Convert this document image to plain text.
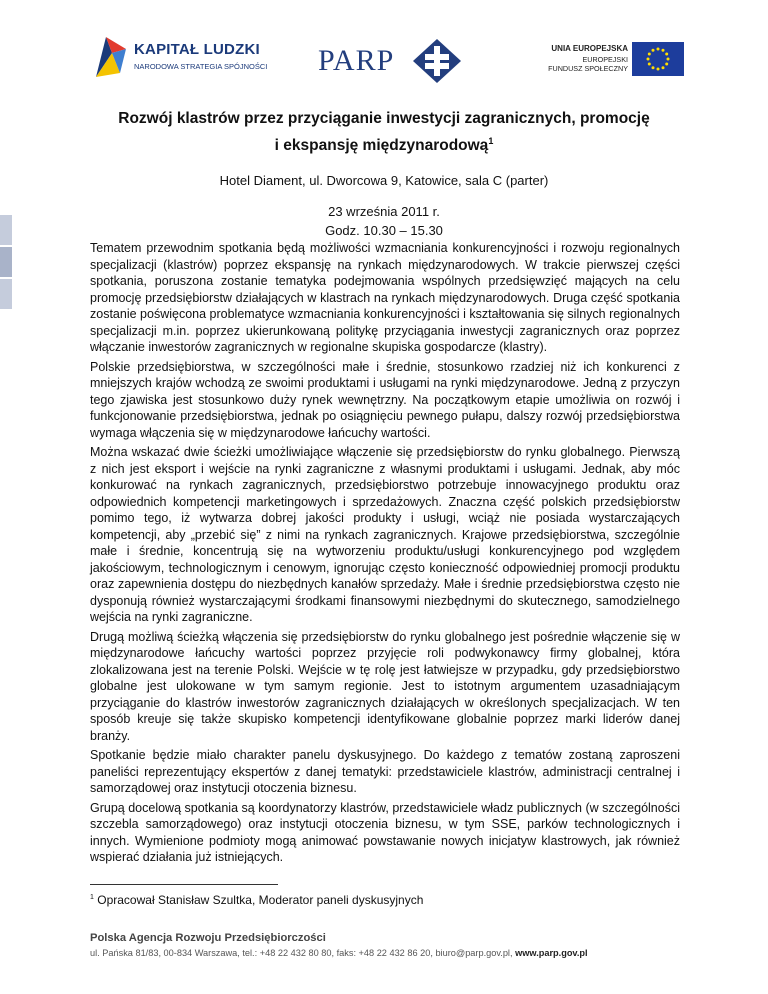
KAPITAŁ LUDZKI
NARODOWA STRATEGIA SPÓJNOŚCI PARP	UNIA EUROPEJSKA
EUROPEJSKI
FUNDUSZ SPOŁECZNY
Rozwój klastrów przez przyciąganie inwestycji zagranicznych, promocję
i ekspansję międzynarodową$^1$
Hotel Diament, ul. Dworcowa 9, Katowice, sala C (parter)
23 września 2011 r.
Godz. 10.30 – 15.30

Tematem przewodnim spotkania będą możliwości wzmacniania konkurencyjności i rozwoju regionalnych specjalizacji (klastrów) poprzez ekspansję na rynkach międzynarodowych. W trakcie pierwszej części spotkania, poruszona zostanie tematyka podejmowania wspólnych przedsięwzięć mających na celu promocję przedsiębiorstw działających w klastrach na rynkach międzynarodowych. Druga część spotkania zostanie poświęcona problematyce wzmacniania konkurencyjności i kształtowania się silnych regionalnych specjalizacji m.in. poprzez ukierunkowaną politykę przyciągania inwestycji zagranicznych oraz poprzez włączanie inwestorów zagranicznych w regionalne skupiska gospodarcze (klastry).

Polskie przedsiębiorstwa, w szczególności małe i średnie, stosunkowo rzadziej niż ich konkurenci z mniejszych krajów wchodzą ze swoimi produktami i usługami na rynki międzynarodowe. Jedną z przyczyn tego zjawiska jest stosunkowo duży rynek wewnętrzny. Na początkowym etapie umożliwia on rozwój i funkcjonowanie przedsiębiorstwa, jednak po osiągnięciu pewnego pułapu, dalszy rozwój przedsiębiorstwa wymaga włączenia się w międzynarodowe łańcuchy wartości.

Można wskazać dwie ścieżki umożliwiające włączenie się przedsiębiorstw do rynku globalnego. Pierwszą z nich jest eksport i wejście na rynki zagraniczne z własnymi produktami i usługami. Jednak, aby móc konkurować na rynkach zagranicznych, przedsiębiorstwo potrzebuje innowacyjnego produktu oraz odpowiednich kompetencji marketingowych i sprzedażowych. Znaczna część polskich przedsiębiorstw pomimo tego, iż wytwarza dobrej jakości produkty i usługi, wciąż nie posiada wystarczających kompetencji, aby „przebić się” z nimi na rynkach zagranicznych. Krajowe przedsiębiorstwa, szczególnie małe i średnie, koncentrują się na wytworzeniu produktu/usługi konkurencyjnego pod względem jakościowym, technologicznym i cenowym, ignorując często konieczność odpowiedniej promocji produktu oraz zapewnienia dostępu do niezbędnych kanałów sprzedaży. Małe i średnie przedsiębiorstwa często nie dysponują również wystarczającymi środkami finansowymi niezbędnymi do skutecznego, samodzielnego wejścia na rynki zagraniczne.

Drugą możliwą ścieżką włączenia się przedsiębiorstw do rynku globalnego jest pośrednie włączenie się w międzynarodowe łańcuchy wartości poprzez przyjęcie roli podwykonawcy firmy globalnej, która zlokalizowana jest na terenie Polski. Wejście w tę rolę jest łatwiejsze w przypadku, gdy przedsiębiorstwo globalne jest ulokowane w tym samym regionie. Jest to istotnym argumentem uzasadniającym przyciąganie do klastrów inwestorów zagranicznych działających w określonych specjalizacjach. W ten sposób kreuje się także skupisko kompetencji identyfikowane globalnie poprzez marki liderów danej branży.

Spotkanie będzie miało charakter panelu dyskusyjnego. Do każdego z tematów zostaną zaproszeni paneliści reprezentujący ekspertów z danej tematyki: przedstawiciele klastrów, administracji centralnej i samorządowej oraz instytucji otoczenia biznesu.

Grupą docelową spotkania są koordynatorzy klastrów, przedstawiciele władz publicznych (w szczególności szczebla samorządowego) oraz instytucji otoczenia biznesu, w tym SSE, parków technologicznych i innych. Wymienione podmioty mogą animować powstawanie nowych inicjatyw klastrowych, jak również wspierać działania już istniejących.

$^1$ Opracował Stanisław Szultka, Moderator paneli dyskusyjnych
Polska Agencja Rozwoju Przedsiębiorczości
ul. Pańska 81/83, 00-834 Warszawa, tel.: +48 22 432 80 80, faks: +48 22 432 86 20, biuro@parp.gov.pl, www.parp.gov.pl
